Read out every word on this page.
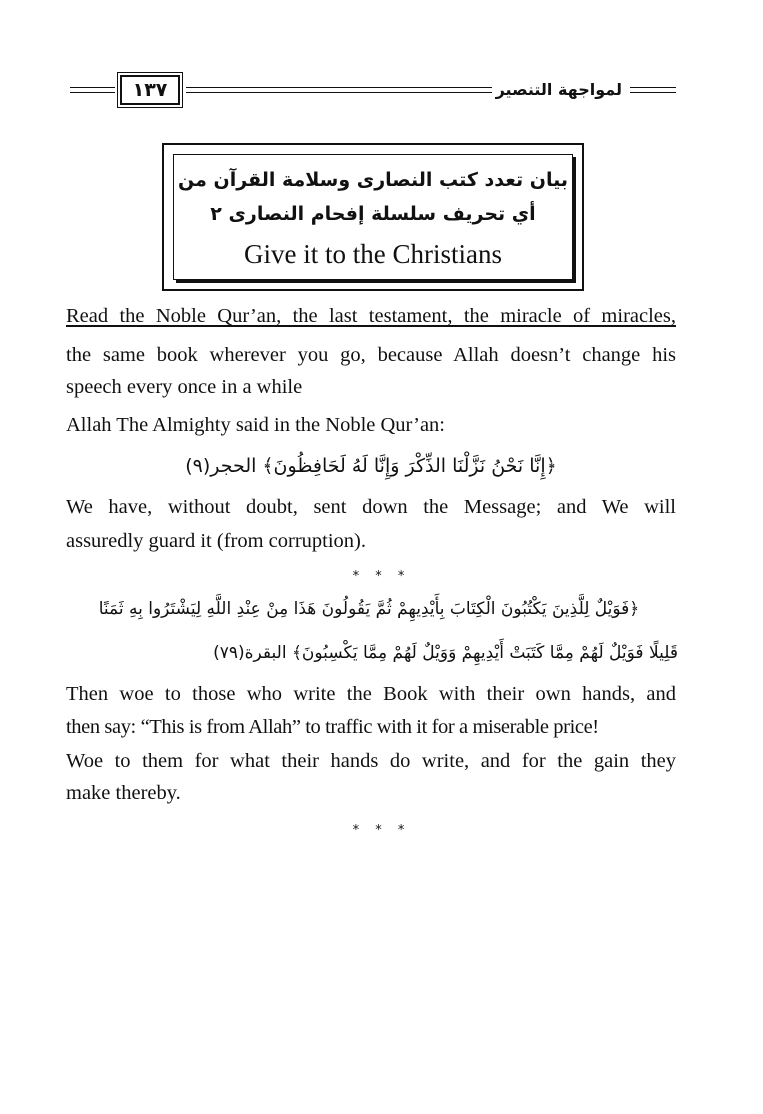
١٣٧	لمواجهة التنصير
بيان تعدد كتب النصارى وسلامة القرآن من
أي تحريف سلسلة إفحام النصارى ٢
Give it to the Christians
Read the Noble Qur’an, the last testament, the miracle of miracles,
the same book wherever you go, because Allah doesn’t change his
speech every once in a while
Allah The Almighty said in the Noble Qur’an:
﴿إِنَّا نَحْنُ نَزَّلْنَا الذِّكْرَ وَإِنَّا لَهُ لَحَافِظُونَ﴾ الحجر(٩)
We have, without doubt, sent down the Message; and We will
assuredly guard it (from corruption).
* * *
﴿فَوَيْلٌ لِلَّذِينَ يَكْتُبُونَ الْكِتَابَ بِأَيْدِيهِمْ ثُمَّ يَقُولُونَ هَذَا مِنْ عِنْدِ اللَّهِ لِيَشْتَرُوا بِهِ ثَمَنًا
قَلِيلًا فَوَيْلٌ لَهُمْ مِمَّا كَتَبَتْ أَيْدِيهِمْ وَوَيْلٌ لَهُمْ مِمَّا يَكْسِبُونَ﴾ البقرة(٧٩)
Then woe to those who write the Book with their own hands, and
then say: “This is from Allah” to traffic with it for a miserable price!
Woe to them for what their hands do write, and for the gain they
make thereby.
* * *
